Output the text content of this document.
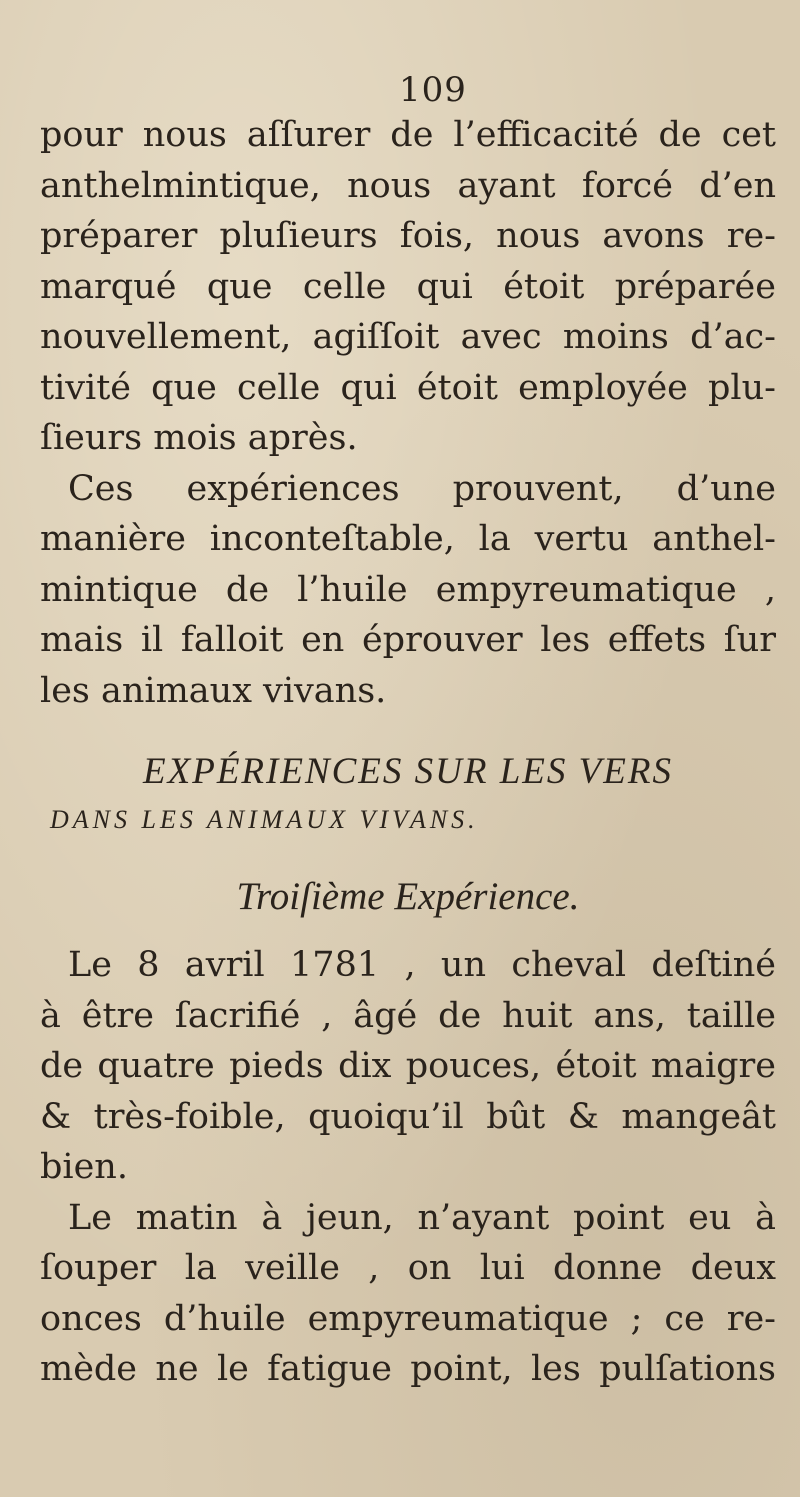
109
pour nous aſſurer de l’efficacité de cet
anthelmintique, nous ayant forcé d’en
préparer pluſieurs fois, nous avons re-
marqué que celle qui étoit préparée
nouvellement, agiſſoit avec moins d’ac-
tivité que celle qui étoit employée plu-
ſieurs mois après.
Ces expériences prouvent, d’une
manière inconteſtable, la vertu anthel-
mintique de l’huile empyreumatique ,
mais il falloit en éprouver les effets ſur
les animaux vivans.
EXPÉRIENCES SUR LES VERS
DANS LES ANIMAUX VIVANS.
Troiſième Expérience.
Le 8 avril 1781 , un cheval deſtiné
à être ſacrifié , âgé de huit ans, taille
de quatre pieds dix pouces, étoit maigre
& très-foible, quoiqu’il bût & mangeât
bien.
Le matin à jeun, n’ayant point eu à
ſouper la veille , on lui donne deux
onces d’huile empyreumatique ; ce re-
mède ne le fatigue point, les pulſations
